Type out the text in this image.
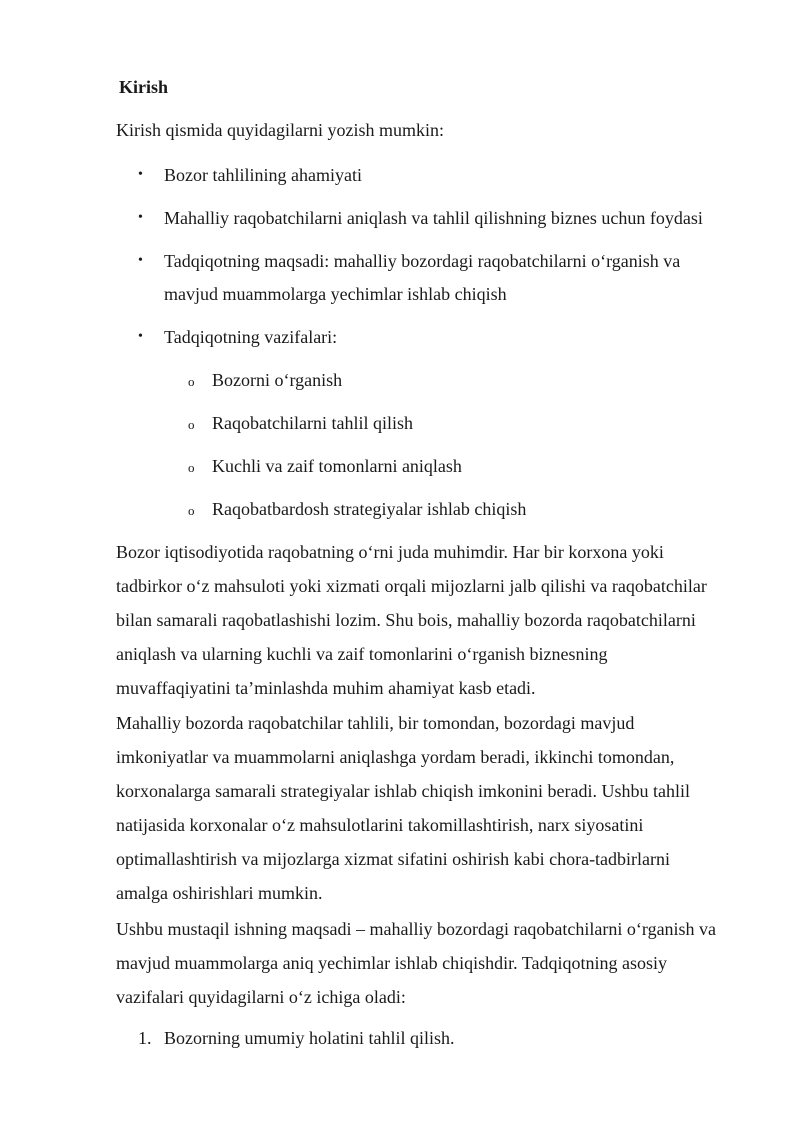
Kirish

Kirish qismida quyidagilarni yozish mumkin:

• Bozor tahlilining ahamiyati
• Mahalliy raqobatchilarni aniqlash va tahlil qilishning biznes uchun foydasi
• Tadqiqotning maqsadi: mahalliy bozordagi raqobatchilarni oʻrganish va
mavjud muammolarga yechimlar ishlab chiqish
• Tadqiqotning vazifalari:
o Bozorni oʻrganish
o Raqobatchilarni tahlil qilish
o Kuchli va zaif tomonlarni aniqlash
o Raqobatbardosh strategiyalar ishlab chiqish
Bozor iqtisodiyotida raqobatning oʻrni juda muhimdir. Har bir korxona yoki
tadbirkor oʻz mahsuloti yoki xizmati orqali mijozlarni jalb qilishi va raqobatchilar
bilan samarali raqobatlashishi lozim. Shu bois, mahalliy bozorda raqobatchilarni
aniqlash va ularning kuchli va zaif tomonlarini oʻrganish biznesning
muvaffaqiyatini taʼminlashda muhim ahamiyat kasb etadi.
Mahalliy bozorda raqobatchilar tahlili, bir tomondan, bozordagi mavjud
imkoniyatlar va muammolarni aniqlashga yordam beradi, ikkinchi tomondan,
korxonalarga samarali strategiyalar ishlab chiqish imkonini beradi. Ushbu tahlil
natijasida korxonalar oʻz mahsulotlarini takomillashtirish, narx siyosatini
optimallashtirish va mijozlarga xizmat sifatini oshirish kabi chora-tadbirlarni
amalga oshirishlari mumkin.
Ushbu mustaqil ishning maqsadi – mahalliy bozordagi raqobatchilarni oʻrganish va
mavjud muammolarga aniq yechimlar ishlab chiqishdir. Tadqiqotning asosiy
vazifalari quyidagilarni oʻz ichiga oladi:
1. Bozorning umumiy holatini tahlil qilish.
